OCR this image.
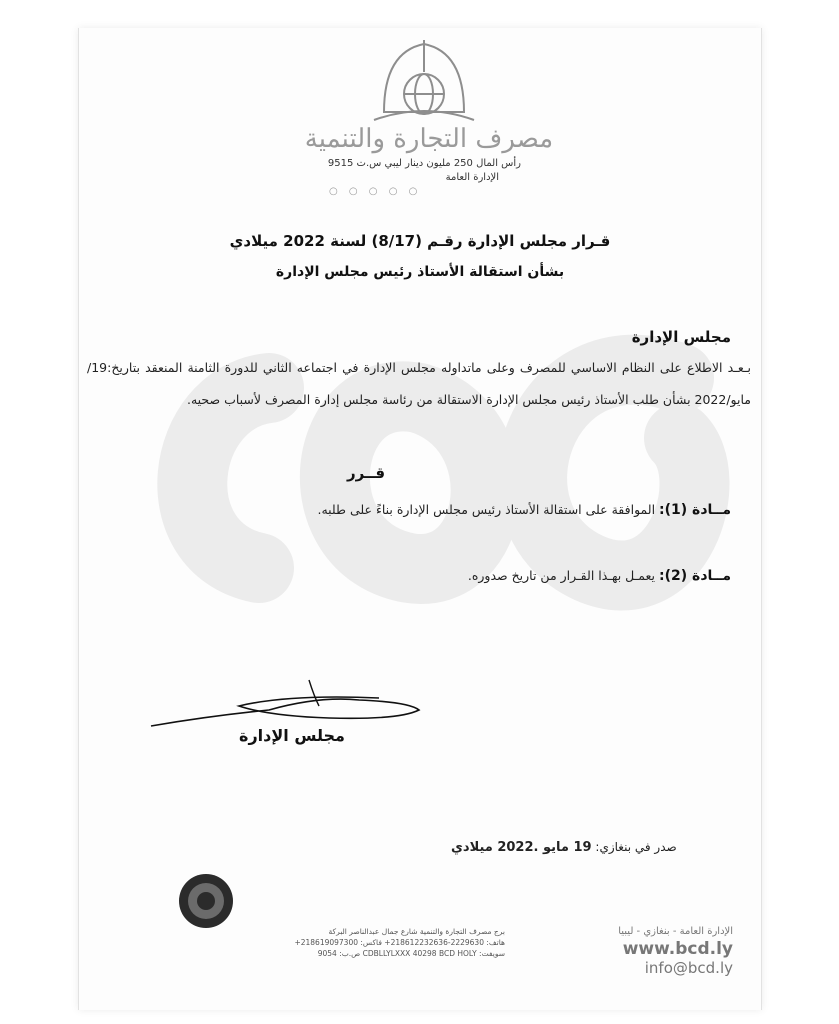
مصرف التجارة والتنمية
رأس المال 250 مليون دينار ليبي س.ت 9515
الإدارة العامة
○ ○ ○ ○ ○
قـرار مجلس الإدارة رقـم (8/17) لسنة 2022 ميلادي
بشأن استقالة الأستاذ رئيس مجلس الإدارة
مجلس الإدارة
بـعـد الاطلاع على النظام الاساسي للمصرف وعلى ماتداوله مجلس الإدارة في اجتماعه الثاني للدورة الثامنة المنعقد بتاريخ:19/مايو/2022 بشأن طلب الأستاذ رئيس مجلس الإدارة الاستقالة من رئاسة مجلس إدارة المصرف لأسباب صحيه.
قــرر
مــادة (1): الموافقة على استقالة الأستاذ رئيس مجلس الإدارة بناءً على طلبه.
مــادة (2): يعمـل بهـذا القـرار من تاريخ صدوره.
مجلس الإدارة
صدر في بنغازي: 19 مايو .2022 ميلادي
برج مصرف التجارة والتنمية شارع جمال عبدالناصر البركة
هاتف: 2229630-218612232636+ فاكس: 218619097300+
سويفت: CDBLLYLXXX 40298 BCD HOLY ص.ب: 9054
الإدارة العامة - بنغازي - ليبيا
www.bcd.ly
info@bcd.ly
